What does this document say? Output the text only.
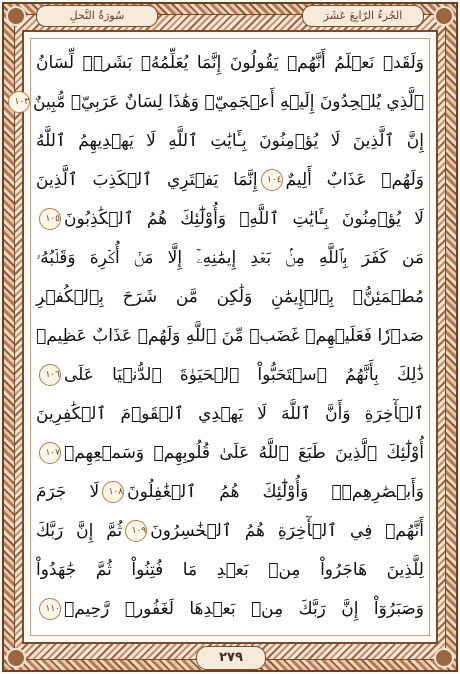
الجُزءُ الرّابِعَ عَشَرَ
سُورَةُ النَّحلِ
وَلَقَدۡ نَعۡلَمُ أَنَّهُمۡ يَقُولُونَ إِنَّمَا يُعَلِّمُهُۥ بَشَرٞۗ لِّسَانُ
ٱلَّذِي يُلۡحِدُونَ إِلَيۡهِ أَعۡجَمِيّٞ وَهَٰذَا لِسَانٌ عَرَبِيّٞ مُّبِينٌ١٠٣
إِنَّ ٱلَّذِينَ لَا يُؤۡمِنُونَ بِـَٔايَٰتِ ٱللَّهِ لَا يَهۡدِيهِمُ ٱللَّهُ
وَلَهُمۡ عَذَابٌ أَلِيمٌ١٠٤إِنَّمَا يَفۡتَرِي ٱلۡكَذِبَ ٱلَّذِينَ
لَا يُؤۡمِنُونَ بِـَٔايَٰتِ ٱللَّهِۖ وَأُوْلَٰٓئِكَ هُمُ ٱلۡكَٰذِبُونَ١٠٥
مَن كَفَرَ بِٱللَّهِ مِنۢ بَعۡدِ إِيمَٰنِهِۦٓ إِلَّا مَنۡ أُكۡرِهَ وَقَلۡبُهُۥ
مُطۡمَئِنُّۢ بِٱلۡإِيمَٰنِ وَلَٰكِن مَّن شَرَحَ بِٱلۡكُفۡرِ
صَدۡرٗا فَعَلَيۡهِمۡ غَضَبٞ مِّنَ ٱللَّهِ وَلَهُمۡ عَذَابٌ عَظِيمٞ
ذَٰلِكَ بِأَنَّهُمُ ٱسۡتَحَبُّواْ ٱلۡحَيَوٰةَ ٱلدُّنۡيَا عَلَى١٠٦
ٱلۡأٓخِرَةِ وَأَنَّ ٱللَّهَ لَا يَهۡدِي ٱلۡقَوۡمَ ٱلۡكَٰفِرِينَ
أُوْلَٰٓئِكَ ٱلَّذِينَ طَبَعَ ٱللَّهُ عَلَىٰ قُلُوبِهِمۡ وَسَمۡعِهِمۡ١٠٧
وَأَبۡصَٰرِهِمۡۖ وَأُوْلَٰٓئِكَ هُمُ ٱلۡغَٰفِلُونَ١٠٨لَا جَرَمَ
أَنَّهُمۡ فِي ٱلۡأٓخِرَةِ هُمُ ٱلۡخَٰسِرُونَ١٠٩ثُمَّ إِنَّ رَبَّكَ
لِلَّذِينَ هَاجَرُواْ مِنۢ بَعۡدِ مَا فُتِنُواْ ثُمَّ جَٰهَدُواْ
وَصَبَرُوٓاْ إِنَّ رَبَّكَ مِنۢ بَعۡدِهَا لَغَفُورٞ رَّحِيمٞ١١٠
٢٧٩
